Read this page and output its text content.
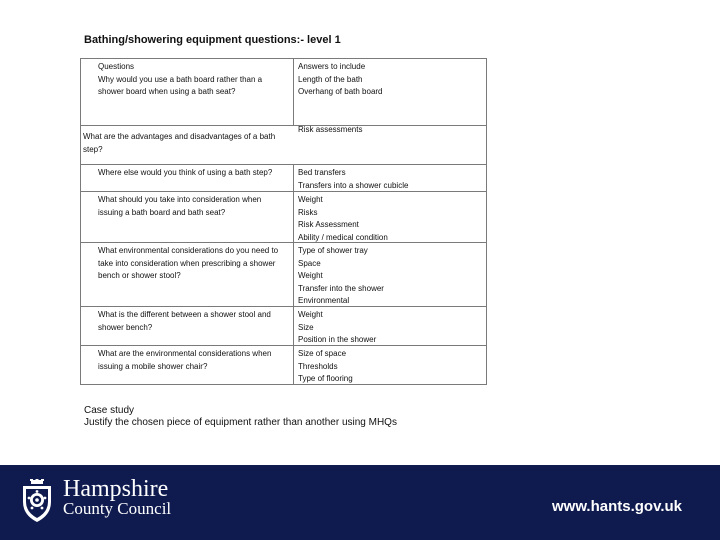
Bathing/showering equipment questions:- level 1
Questions
Why would you use a bath board rather than a
shower board when using a bath seat?
Answers to include
Length of the bath
Overhang of bath board

Risk assessments
What are the advantages and disadvantages of a bath
step?
Where else would you think of using a bath step?	Bed transfers
Transfers into a shower cubicle
What should you take into consideration when
issuing a bath board and bath seat?
Weight
Risks
Risk Assessment
Ability / medical condition
What environmental considerations do you need to
take into consideration when prescribing a shower
bench or shower stool?
Type of shower tray
Space
Weight
Transfer into the shower
Environmental
What is the different between a shower stool and
shower bench?
Weight
Size
Position in the shower
What are the environmental considerations when
issuing a mobile shower chair?
Size of space
Thresholds
Type of flooring
Case study
Justify the chosen piece of equipment rather than another using MHQs
Hampshire
County Council	www.hants.gov.uk
